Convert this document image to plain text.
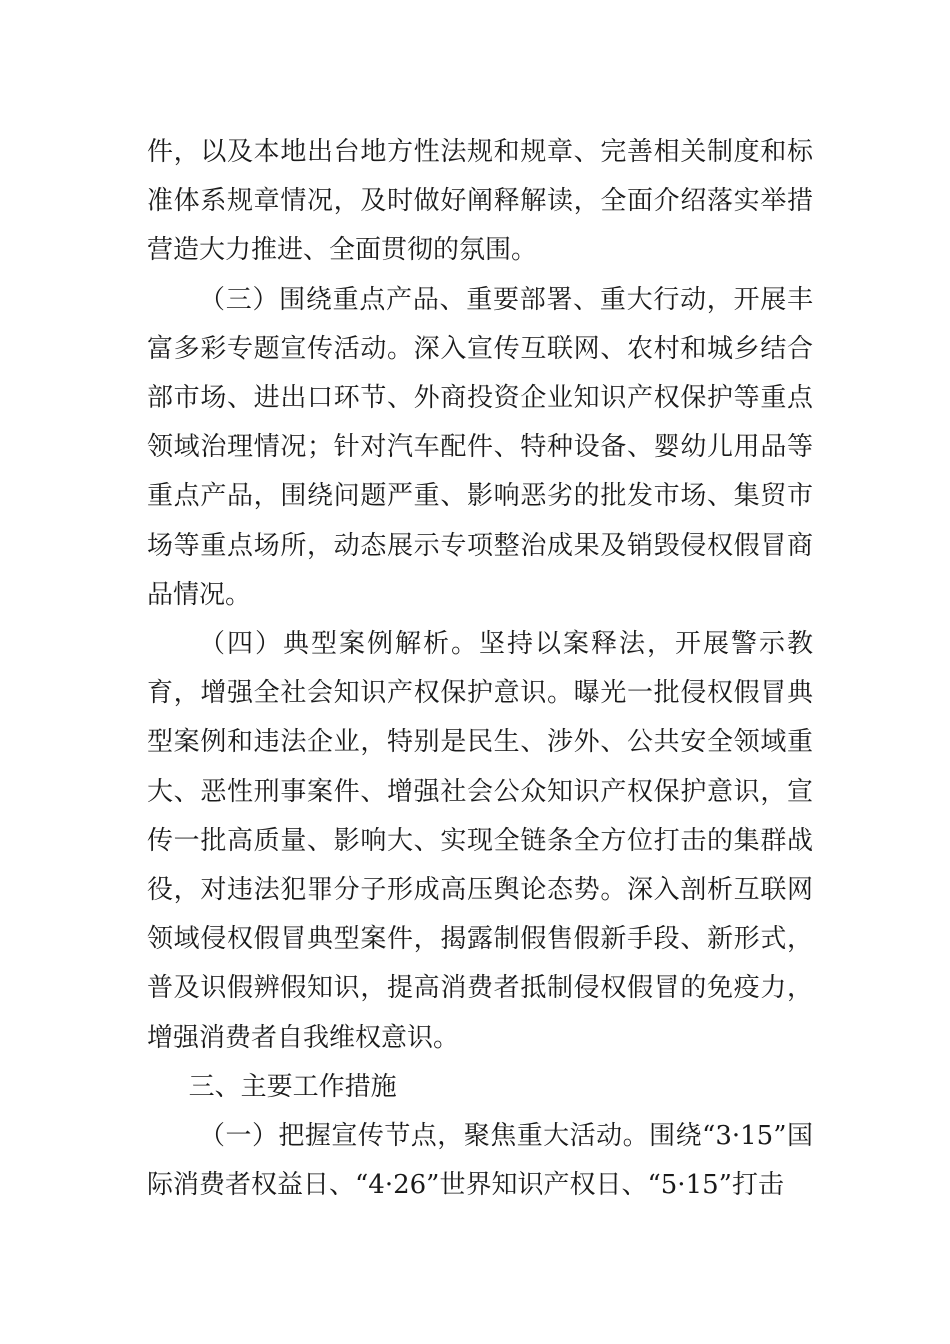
件，以及本地出台地方性法规和规章、完善相关制度和标准体系规章情况，及时做好阐释解读，全面介绍落实举措营造大力推进、全面贯彻的氛围。

（三）围绕重点产品、重要部署、重大行动，开展丰富多彩专题宣传活动。深入宣传互联网、农村和城乡结合部市场、进出口环节、外商投资企业知识产权保护等重点领域治理情况；针对汽车配件、特种设备、婴幼儿用品等重点产品，围绕问题严重、影响恶劣的批发市场、集贸市场等重点场所，动态展示专项整治成果及销毁侵权假冒商品情况。

（四）典型案例解析。坚持以案释法，开展警示教育，增强全社会知识产权保护意识。曝光一批侵权假冒典型案例和违法企业，特别是民生、涉外、公共安全领域重大、恶性刑事案件、增强社会公众知识产权保护意识，宣传一批高质量、影响大、实现全链条全方位打击的集群战役，对违法犯罪分子形成高压舆论态势。深入剖析互联网领域侵权假冒典型案件，揭露制假售假新手段、新形式，普及识假辨假知识，提高消费者抵制侵权假冒的免疫力，增强消费者自我维权意识。

三、主要工作措施

（一）把握宣传节点，聚焦重大活动。围绕“3·15”国际消费者权益日、“4·26”世界知识产权日、“5·15”打击
